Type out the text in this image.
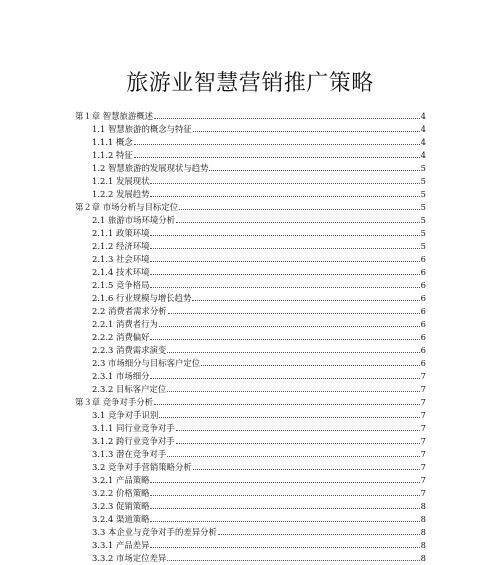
旅游业智慧营销推广策略
第１章 智慧旅游概述	4
1.1 智慧旅游的概念与特征	4
1.1.1 概念	4
1.1.2 特征	4
1.2 智慧旅游的发展现状与趋势	5
1.2.1 发展现状	5
1.2.2 发展趋势	5
第２章 市场分析与目标定位	5
2.1 旅游市场环境分析	5
2.1.1 政策环境	5
2.1.2 经济环境	5
2.1.3 社会环境	6
2.1.4 技术环境	6
2.1.5 竞争格局	6
2.1.6 行业规模与增长趋势	6
2.2 消费者需求分析	6
2.2.1 消费者行为	6
2.2.2 消费偏好	6
2.2.3 消费需求演变	6
2.3 市场细分与目标客户定位	6
2.3.1 市场细分	7
2.3.2 目标客户定位	7
第３章 竞争对手分析	7
3.1 竞争对手识别	7
3.1.1 同行业竞争对手	7
3.1.2 跨行业竞争对手	7
3.1.3 潜在竞争对手	7
3.2 竞争对手营销策略分析	7
3.2.1 产品策略	7
3.2.2 价格策略	7
3.2.3 促销策略	8
3.2.4 渠道策略	8
3.3 本企业与竞争对手的差异分析	8
3.3.1 产品差异	8
3.3.2 市场定位差异	8
